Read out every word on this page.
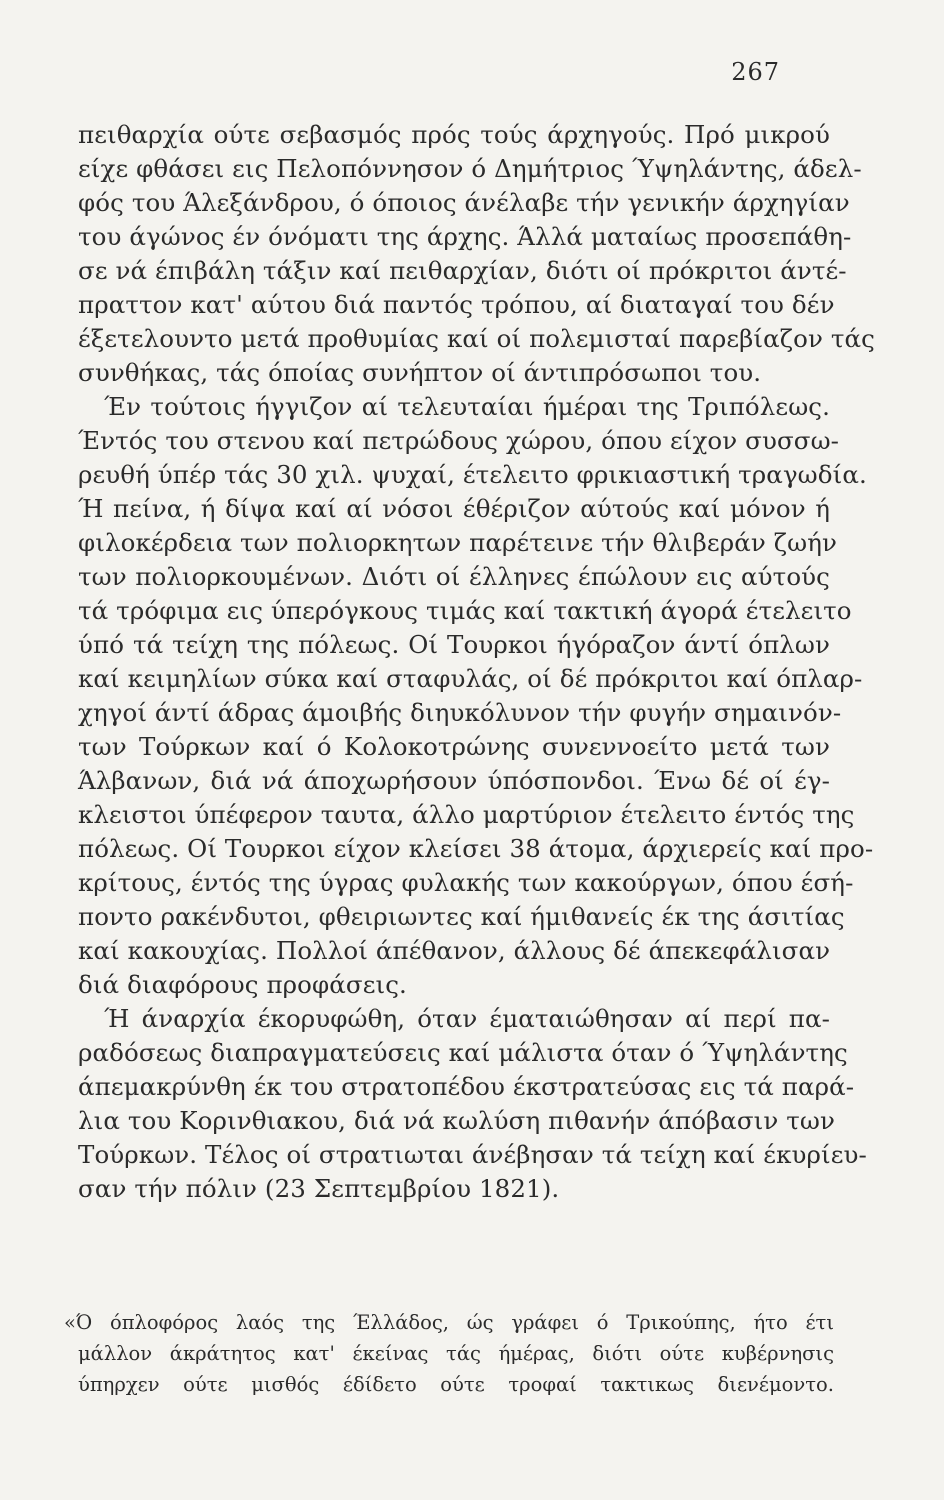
267
πειθαρχία ούτε σεβασμός πρός τούς άρχηγούς. Πρό μικρού
είχε φθάσει εις Πελοπόννησον ό Δημήτριος Ύψηλάντης, άδελ-
φός του Άλεξάνδρου, ό όποιος άνέλαβε τήν γενικήν άρχηγίαν
του άγώνος έν όνόματι της άρχης. Άλλά ματαίως προσεπάθη-
σε νά έπιβάλη τάξιν καί πειθαρχίαν, διότι οί πρόκριτοι άντέ-
πραττον κατ' αύτου διά παντός τρόπου, αί διαταγαί του δέν
έξετελουντο μετά προθυμίας καί οί πολεμισταί παρεβίαζον τάς
συνθήκας, τάς όποίας συνήπτον οί άντιπρόσωποι του.
Έν τούτοις ήγγιζον αί τελευταίαι ήμέραι της Τριπόλεως.
Έντός του στενου καί πετρώδους χώρου, όπου είχον συσσω-
ρευθή ύπέρ τάς 30 χιλ. ψυχαί, έτελειτο φρικιαστική τραγωδία.
Ή πείνα, ή δίψα καί αί νόσοι έθέριζον αύτούς καί μόνον ή
φιλοκέρδεια των πολιορκητων παρέτεινε τήν θλιβεράν ζωήν
των πολιορκουμένων. Διότι οί έλληνες έπώλουν εις αύτούς
τά τρόφιμα εις ύπερόγκους τιμάς καί τακτική άγορά έτελειτο
ύπό τά τείχη της πόλεως. Οί Τουρκοι ήγόραζον άντί όπλων
καί κειμηλίων σύκα καί σταφυλάς, οί δέ πρόκριτοι καί όπλαρ-
χηγοί άντί άδρας άμοιβής διηυκόλυνον τήν φυγήν σημαινόν-
των Τούρκων καί ό Κολοκοτρώνης συνεννοείτο μετά των
Άλβανων, διά νά άποχωρήσουν ύπόσπονδοι. Ένω δέ οί έγ-
κλειστοι ύπέφερον ταυτα, άλλο μαρτύριον έτελειτο έντός της
πόλεως. Οί Τουρκοι είχον κλείσει 38 άτομα, άρχιερείς καί προ-
κρίτους, έντός της ύγρας φυλακής των κακούργων, όπου έσή-
ποντο ρακένδυτοι, φθειριωντες καί ήμιθανείς έκ της άσιτίας
καί κακουχίας. Πολλοί άπέθανον, άλλους δέ άπεκεφάλισαν
διά διαφόρους προφάσεις.
Ή άναρχία έκορυφώθη, όταν έματαιώθησαν αί περί πα-
ραδόσεως διαπραγματεύσεις καί μάλιστα όταν ό Ύψηλάντης
άπεμακρύνθη έκ του στρατοπέδου έκστρατεύσας εις τά παρά-
λια του Κορινθιακου, διά νά κωλύση πιθανήν άπόβασιν των
Τούρκων. Τέλος οί στρατιωται άνέβησαν τά τείχη καί έκυρίευ-
σαν τήν πόλιν (23 Σεπτεμβρίου 1821).
«Ό όπλοφόρος λαός της Έλλάδος, ώς γράφει ό Τρικούπης, ήτο έτι
μάλλον άκράτητος κατ' έκείνας τάς ήμέρας, διότι ούτε κυβέρνησις
ύπηρχεν ούτε μισθός έδίδετο ούτε τροφαί τακτικως διενέμοντο.
